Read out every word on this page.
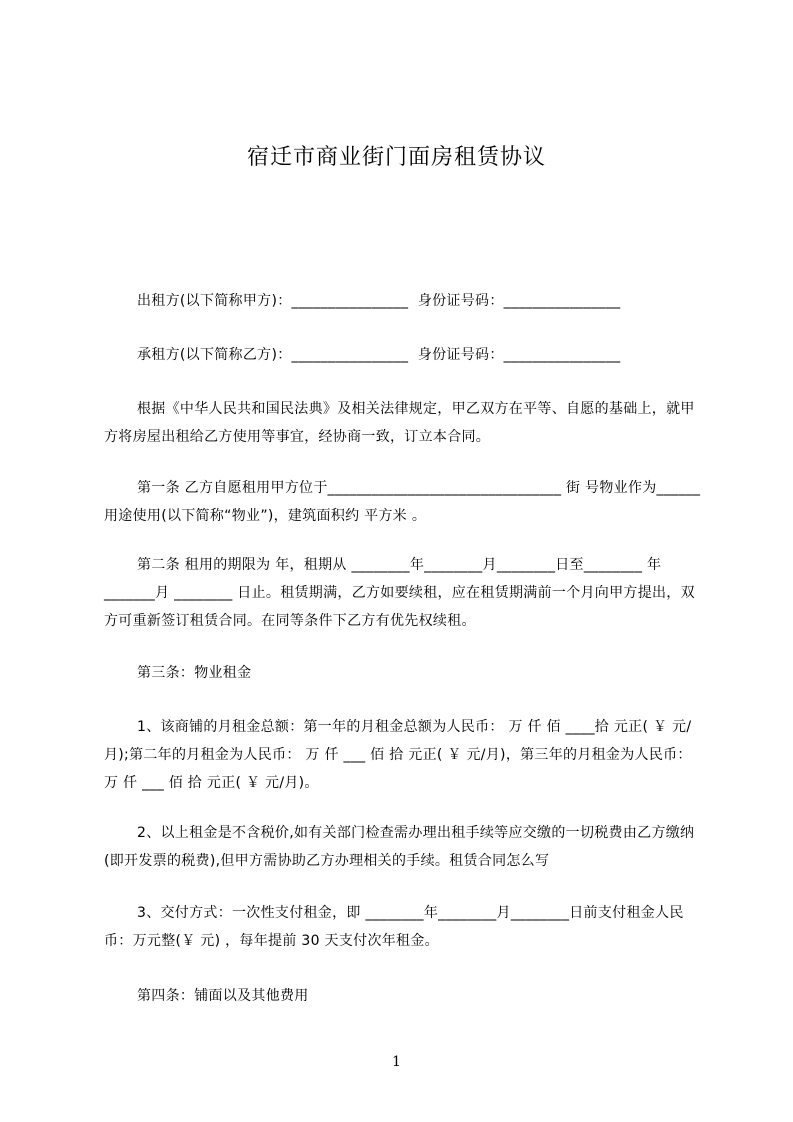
宿迁市商业街门面房租赁协议
出租方(以下简称甲方)：________________  身份证号码：________________
承租方(以下简称乙方)：________________  身份证号码：________________
根据《中华人民共和国民法典》及相关法律规定，甲乙双方在平等、自愿的基础上，就甲方将房屋出租给乙方使用等事宜，经协商一致，订立本合同。
第一条 乙方自愿租用甲方位于________________________________ 街 号物业作为______用途使用(以下简称“物业”)，建筑面积约 平方米 。
第二条 租用的期限为 年，租期从 ________年________月________日至________ 年 _______月 ________ 日止。租赁期满，乙方如要续租，应在租赁期满前一个月向甲方提出，双方可重新签订租赁合同。在同等条件下乙方有优先权续租。
第三条：物业租金
1、该商铺的月租金总额：第一年的月租金总额为人民币： 万 仟 佰 ____拾 元正( ￥ 元/月);第二年的月租金为人民币： 万 仟 ___ 佰 拾 元正( ￥ 元/月)，第三年的月租金为人民币： 万 仟 ___ 佰 拾 元正( ￥ 元/月)。
2、以上租金是不含税价,如有关部门检查需办理出租手续等应交缴的一切税费由乙方缴纳(即开发票的税费),但甲方需协助乙方办理相关的手续。租赁合同怎么写
3、交付方式：一次性支付租金，即 ________年________月________日前支付租金人民币：万元整(￥ 元) ，每年提前 30 天支付次年租金。
第四条：铺面以及其他费用
1
